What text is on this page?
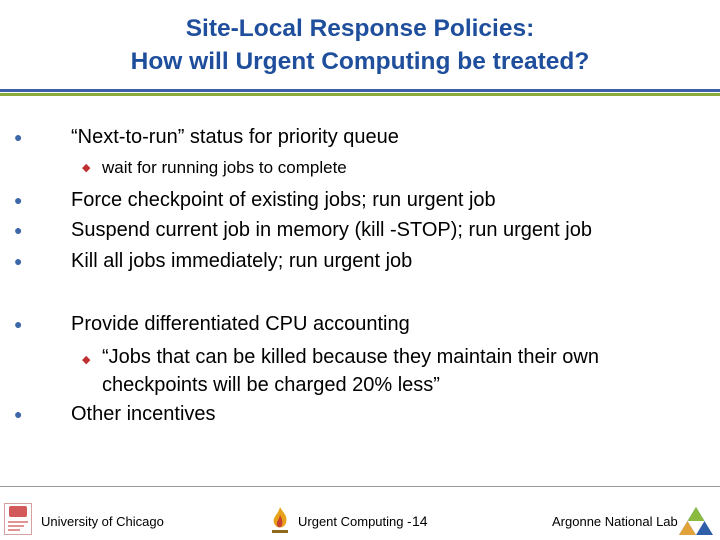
Site-Local Response Policies:
How will Urgent Computing be treated?
● “Next-to-run” status for priority queue
◆ wait for running jobs to complete
● Force checkpoint of existing jobs; run urgent job
● Suspend current job in memory (kill -STOP); run urgent job
● Kill all jobs immediately; run urgent job
● Provide differentiated CPU accounting
◆ “Jobs that can be killed because they maintain their own
checkpoints will be charged 20% less”
● Other incentives
University of Chicago	Urgent Computing - 14	Argonne National Lab
